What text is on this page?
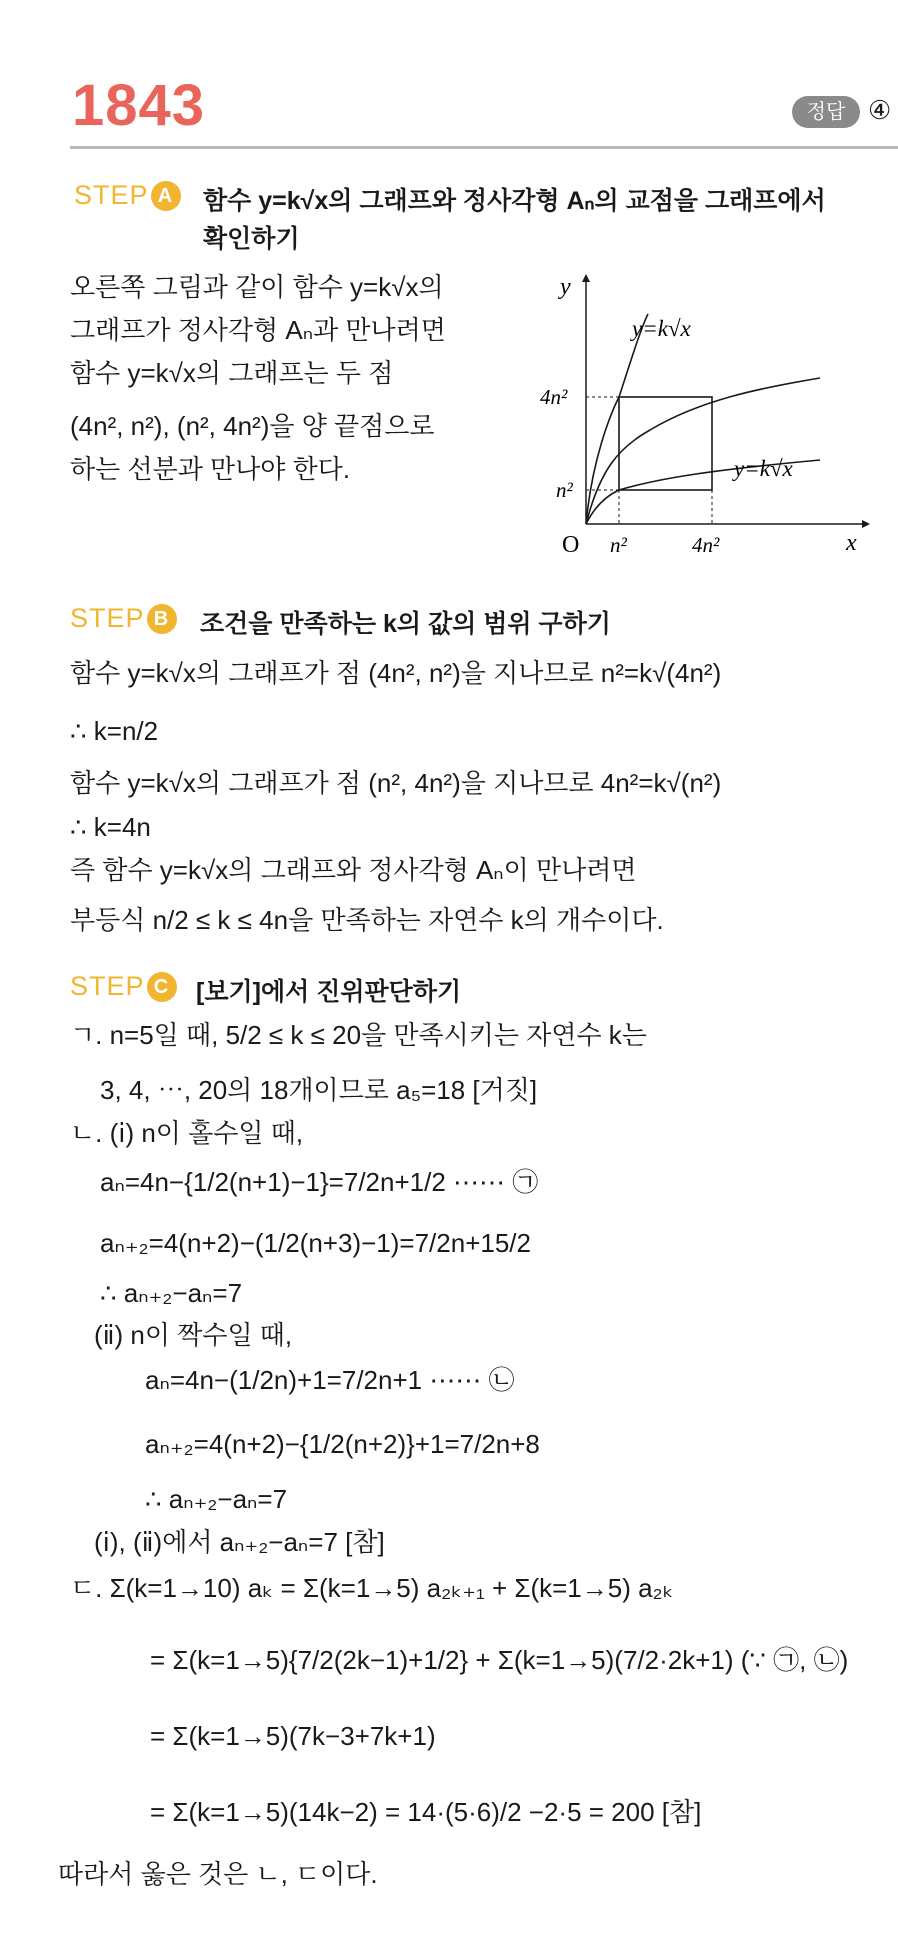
1843	정답 ④
STEP A 함수 y=k√x의 그래프와 정사각형 Aₙ의 교점을 그래프에서
확인하기
오른쪽 그림과 같이 함수 y=k√x의
그래프가 정사각형 Aₙ과 만나려면
함수 y=k√x의 그래프는 두 점
(4n², n²), (n², 4n²)을 양 끝점으로
하는 선분과 만나야 한다.
y
x
O
y=k√x
y=k√x
4n²
n²
n²	4n²
STEP B 조건을 만족하는 k의 값의 범위 구하기
함수 y=k√x의 그래프가 점 (4n², n²)을 지나므로 n²=k√(4n²)
∴ k=n/2
함수 y=k√x의 그래프가 점 (n², 4n²)을 지나므로 4n²=k√(n²)
∴ k=4n
즉 함수 y=k√x의 그래프와 정사각형 Aₙ이 만나려면
부등식 n/2 ≤ k ≤ 4n을 만족하는 자연수 k의 개수이다.
STEP C [보기]에서 진위판단하기
ㄱ. n=5일 때, 5/2 ≤ k ≤ 20을 만족시키는 자연수 k는
3, 4, ⋯, 20의 18개이므로 a₅=18 [거짓]
ㄴ. (ⅰ) n이 홀수일 때,
aₙ=4n−{1/2(n+1)−1}=7/2n+1/2 ⋯⋯ ㉠
aₙ₊₂=4(n+2)−(1/2(n+3)−1)=7/2n+15/2
∴ aₙ₊₂−aₙ=7
(ⅱ) n이 짝수일 때,
aₙ=4n−(1/2n)+1=7/2n+1 ⋯⋯ ㉡
aₙ₊₂=4(n+2)−{1/2(n+2)}+1=7/2n+8
∴ aₙ₊₂−aₙ=7
(ⅰ), (ⅱ)에서 aₙ₊₂−aₙ=7 [참]
ㄷ. Σ(k=1→10) aₖ = Σ(k=1→5) a₂ₖ₊₁ + Σ(k=1→5) a₂ₖ
= Σ(k=1→5){7/2(2k−1)+1/2} + Σ(k=1→5)(7/2·2k+1) (∵ ㉠, ㉡)
= Σ(k=1→5)(7k−3+7k+1)
= Σ(k=1→5)(14k−2) = 14·(5·6)/2 −2·5 = 200 [참]
따라서 옳은 것은 ㄴ, ㄷ이다.
